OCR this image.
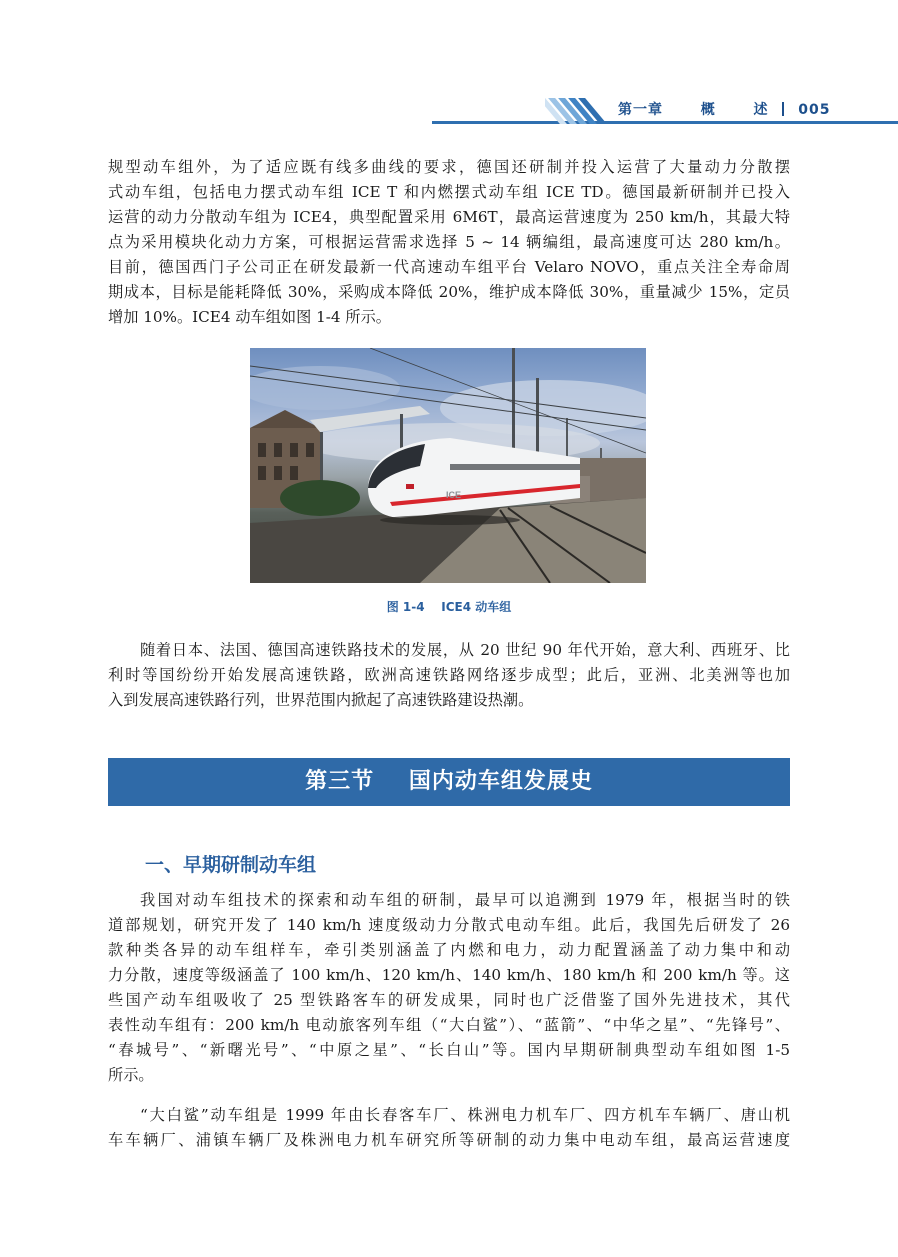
第一章	概	述 005
规型动车组外，为了适应既有线多曲线的要求，德国还研制并投入运营了大量动力分散摆
式动车组，包括电力摆式动车组 ICE T 和内燃摆式动车组 ICE TD。德国最新研制并已投入
运营的动力分散动车组为 ICE4，典型配置采用 6M6T，最高运营速度为 250 km/h，其最大特
点为采用模块化动力方案，可根据运营需求选择 5 ~ 14 辆编组，最高速度可达 280 km/h。
目前，德国西门子公司正在研发最新一代高速动车组平台 Velaro NOVO，重点关注全寿命周
期成本，目标是能耗降低 30%，采购成本降低 20%，维护成本降低 30%，重量减少 15%，定员
增加 10%。ICE4 动车组如图 1-4 所示。
ICE
图 1-4 ICE4 动车组
随着日本、法国、德国高速铁路技术的发展，从 20 世纪 90 年代开始，意大利、西班牙、比
利时等国纷纷开始发展高速铁路，欧洲高速铁路网络逐步成型；此后，亚洲、北美洲等也加
入到发展高速铁路行列，世界范围内掀起了高速铁路建设热潮。
第三节 国内动车组发展史
一、早期研制动车组
我国对动车组技术的探索和动车组的研制，最早可以追溯到 1979 年，根据当时的铁
道部规划，研究开发了 140 km/h 速度级动力分散式电动车组。此后，我国先后研发了 26
款种类各异的动车组样车，牵引类别涵盖了内燃和电力，动力配置涵盖了动力集中和动
力分散，速度等级涵盖了 100 km/h、120 km/h、140 km/h、180 km/h 和 200 km/h 等。这
些国产动车组吸收了 25 型铁路客车的研发成果，同时也广泛借鉴了国外先进技术，其代
表性动车组有：200 km/h 电动旅客列车组（“大白鲨”）、“蓝箭”、“中华之星”、“先锋号”、
“春城号”、“新曙光号”、“中原之星”、“长白山”等。国内早期研制典型动车组如图 1-5
所示。
“大白鲨”动车组是 1999 年由长春客车厂、株洲电力机车厂、四方机车车辆厂、唐山机
车车辆厂、浦镇车辆厂及株洲电力机车研究所等研制的动力集中电动车组，最高运营速度
